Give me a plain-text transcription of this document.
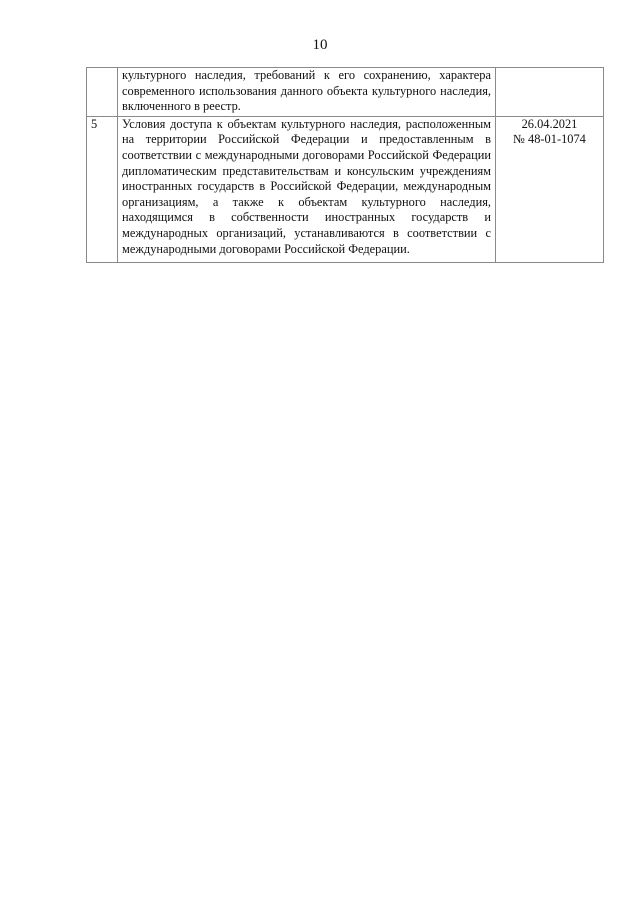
10
	культурного наследия, требований к его сохранению, характера современного использования данного объекта культурного наследия, включенного в реестр.	

5	Условия доступа к объектам культурного наследия, расположенным на территории Российской Федерации и предоставленным в соответствии с международными договорами Российской Федерации дипломатическим представительствам и консульским учреждениям иностранных государств в Российской Федерации, международным организациям, а также к объектам культурного наследия, находящимся в собственности иностранных государств и международных организаций, устанавливаются в соответствии с международными договорами Российской Федерации.	26.04.2021
№ 48-01-1074
